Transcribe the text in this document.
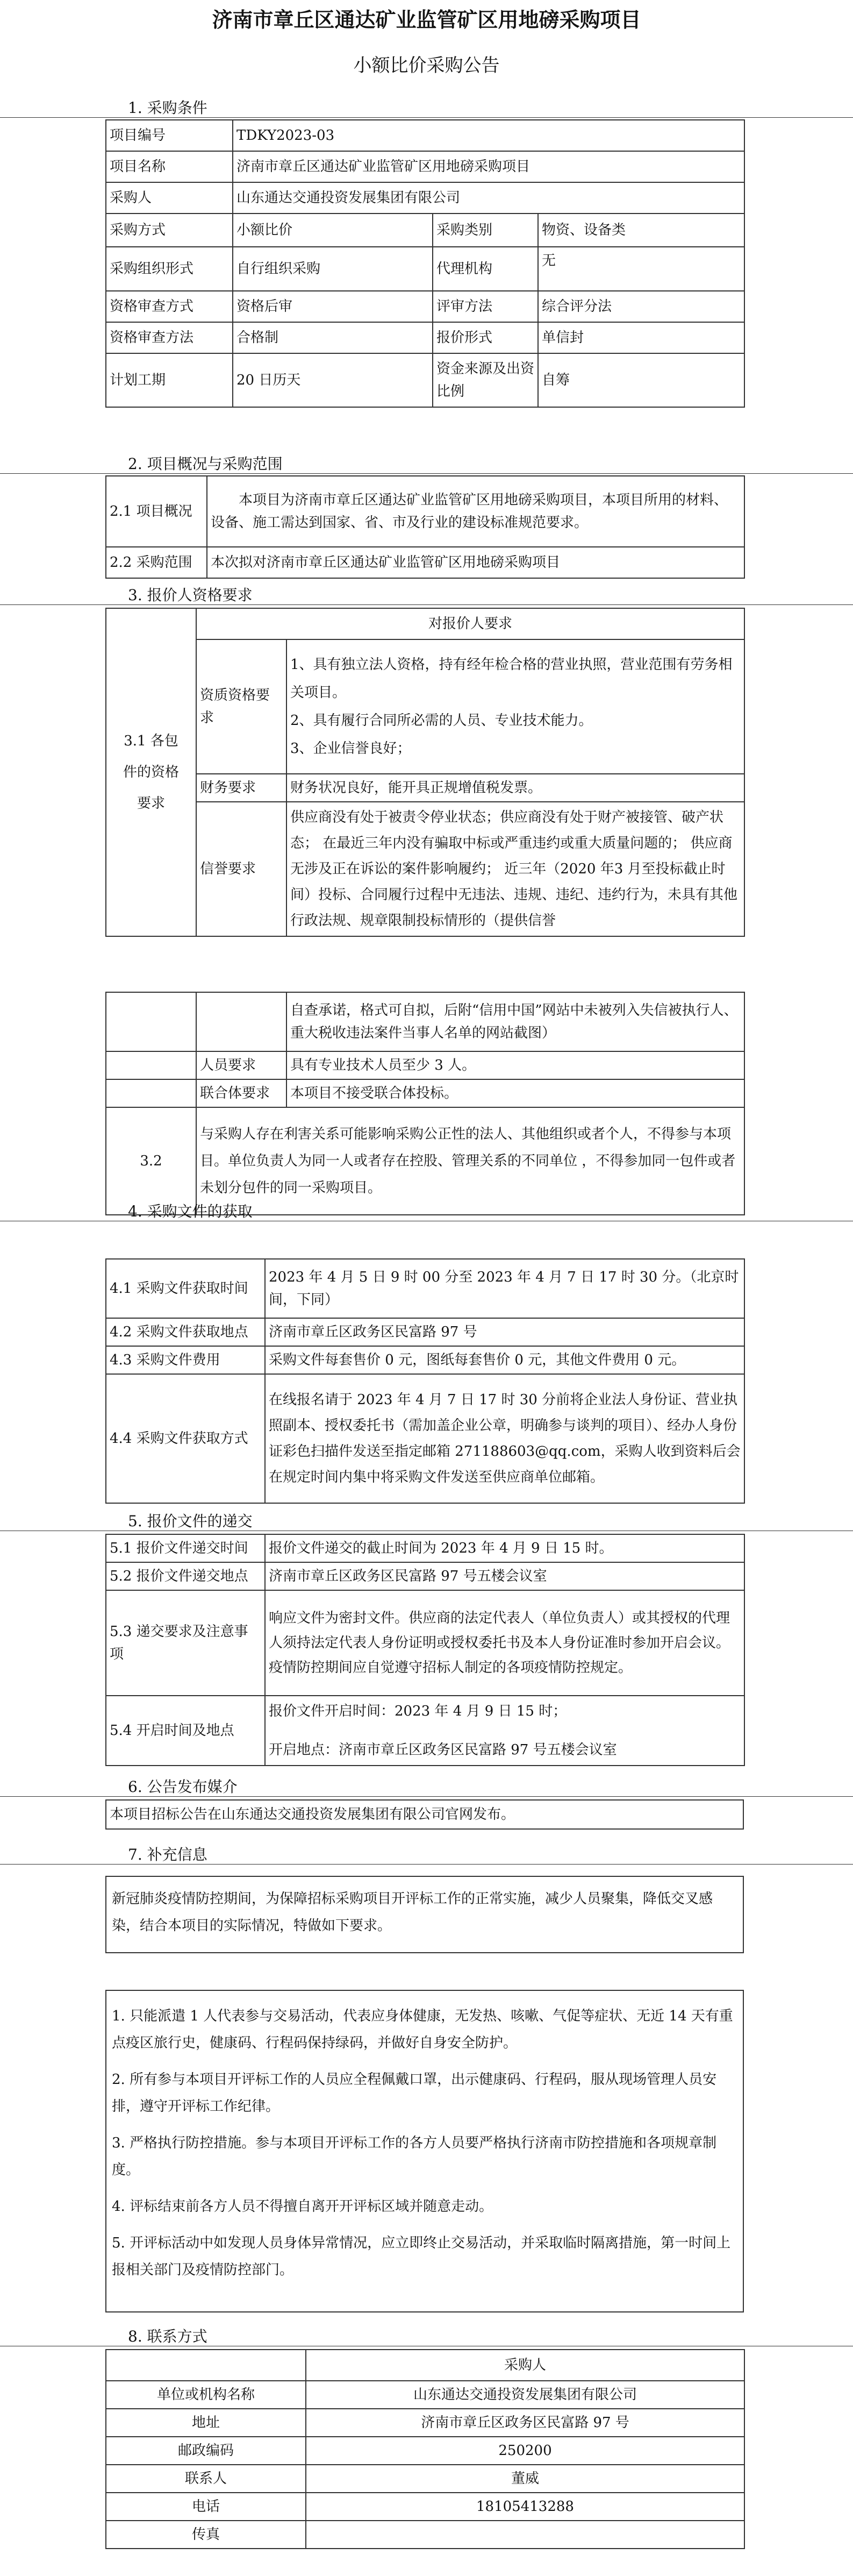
济南市章丘区通达矿业监管矿区用地磅采购项目
小额比价采购公告
1. 采购条件
项目编号	TDKY2023-03		
项目名称	济南市章丘区通达矿业监管矿区用地磅采购项目		
采购人	山东通达交通投资发展集团有限公司		
采购方式	小额比价	采购类别	物资、设备类
采购组织形式	自行组织采购	代理机构	无
资格审查方式	资格后审	评审方法	综合评分法
资格审查方法	合格制	报价形式	单信封
计划工期	20 日历天	资金来源及出资比例	自筹
2. 项目概况与采购范围
2.1 项目概况	本项目为济南市章丘区通达矿业监管矿区用地磅采购项目，本项目所用的材料、设备、施工需达到国家、省、市及行业的建设标准规范要求。
2.2 采购范围	本次拟对济南市章丘区通达矿业监管矿区用地磅采购项目
3. 报价人资格要求
3.1 各包件的资格要求	对报价人要求	
	资质资格要求	1、具有独立法人资格，持有经年检合格的营业执照，营业范围有劳务相关项目。
2、具有履行合同所必需的人员、专业技术能力。
3、企业信誉良好；
	财务要求	财务状况良好，能开具正规增值税发票。
	信誉要求	供应商没有处于被责令停业状态；供应商没有处于财产被接管、破产状态； 在最近三年内没有骗取中标或严重违约或重大质量问题的； 供应商无涉及正在诉讼的案件影响履约； 近三年（2020 年3 月至投标截止时间）投标、合同履行过程中无违法、违规、违纪、违约行为，未具有其他行政法规、规章限制投标情形的（提供信誉
		自查承诺，格式可自拟，后附“信用中国”网站中未被列入失信被执行人、重大税收违法案件当事人名单的网站截图）
	人员要求	具有专业技术人员至少 3 人。
	联合体要求	本项目不接受联合体投标。
3.2	与采购人存在利害关系可能影响采购公正性的法人、其他组织或者个人，不得参与本项目。单位负责人为同一人或者存在控股、管理关系的不同单位 ，不得参加同一包件或者未划分包件的同一采购项目。	
4. 采购文件的获取
4.1 采购文件获取时间	2023 年 4 月 5 日 9 时 00 分至 2023 年 4 月 7 日 17 时 30 分。（北京时间，下同）
4.2 采购文件获取地点	济南市章丘区政务区民富路 97 号
4.3 采购文件费用	采购文件每套售价 0 元，图纸每套售价 0 元，其他文件费用 0 元。
4.4 采购文件获取方式	在线报名请于 2023 年 4 月 7 日 17 时 30 分前将企业法人身份证、营业执照副本、授权委托书（需加盖企业公章，明确参与谈判的项目）、经办人身份证彩色扫描件发送至指定邮箱 271188603@qq.com，采购人收到资料后会在规定时间内集中将采购文件发送至供应商单位邮箱。
5. 报价文件的递交
5.1 报价文件递交时间	报价文件递交的截止时间为 2023 年 4 月 9 日 15 时。
5.2 报价文件递交地点	济南市章丘区政务区民富路 97 号五楼会议室
5.3 递交要求及注意事项	响应文件为密封文件。供应商的法定代表人（单位负责人）或其授权的代理人须持法定代表人身份证明或授权委托书及本人身份证准时参加开启会议。疫情防控期间应自觉遵守招标人制定的各项疫情防控规定。
5.4 开启时间及地点	报价文件开启时间：2023 年 4 月 9 日 15 时；
开启地点：济南市章丘区政务区民富路 97 号五楼会议室
6. 公告发布媒介
本项目招标公告在山东通达交通投资发展集团有限公司官网发布。
7. 补充信息
新冠肺炎疫情防控期间，为保障招标采购项目开评标工作的正常实施，减少人员聚集，降低交叉感染，结合本项目的实际情况，特做如下要求。

1. 只能派遣 1 人代表参与交易活动，代表应身体健康，无发热、咳嗽、气促等症状、无近 14 天有重点疫区旅行史，健康码、行程码保持绿码，并做好自身安全防护。

2. 所有参与本项目开评标工作的人员应全程佩戴口罩，出示健康码、行程码，服从现场管理人员安排，遵守开评标工作纪律。

3. 严格执行防控措施。参与本项目开评标工作的各方人员要严格执行济南市防控措施和各项规章制度。

4. 评标结束前各方人员不得擅自离开开评标区域并随意走动。

5. 开评标活动中如发现人员身体异常情况，应立即终止交易活动，并采取临时隔离措施，第一时间上报相关部门及疫情防控部门。

8. 联系方式
	采购人
单位或机构名称	山东通达交通投资发展集团有限公司
地址	济南市章丘区政务区民富路 97 号
邮政编码	250200
联系人	董威
电话	18105413288
传真	
